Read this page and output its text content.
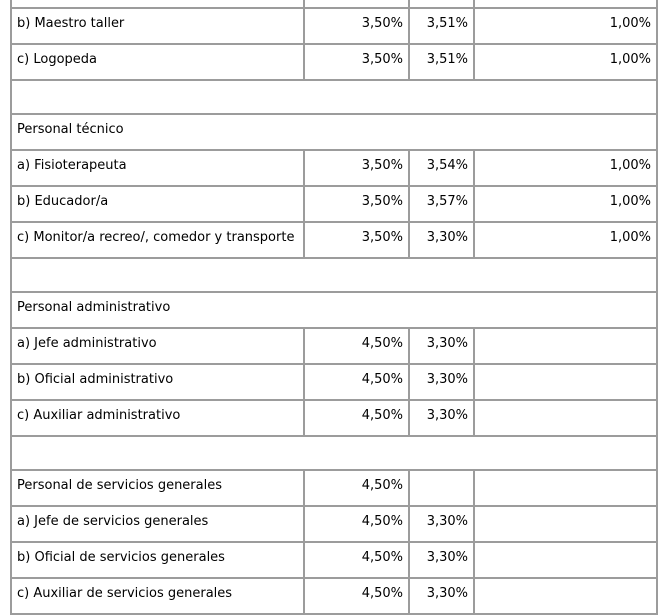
b) Maestro taller	3,50%	3,51%	1,00%
c) Logopeda	3,50%	3,51%	1,00%

Personal técnico			
a) Fisioterapeuta	3,50%	3,54%	1,00%
b) Educador/a	3,50%	3,57%	1,00%
c) Monitor/a recreo/, comedor y transporte	3,50%	3,30%	1,00%

Personal administrativo			
a) Jefe administrativo	4,50%	3,30%	
b) Oficial administrativo	4,50%	3,30%	
c) Auxiliar administrativo	4,50%	3,30%	

Personal de servicios generales	4,50%		
a) Jefe de servicios generales	4,50%	3,30%	
b) Oficial de servicios generales	4,50%	3,30%	
c) Auxiliar de servicios generales	4,50%	3,30%	
